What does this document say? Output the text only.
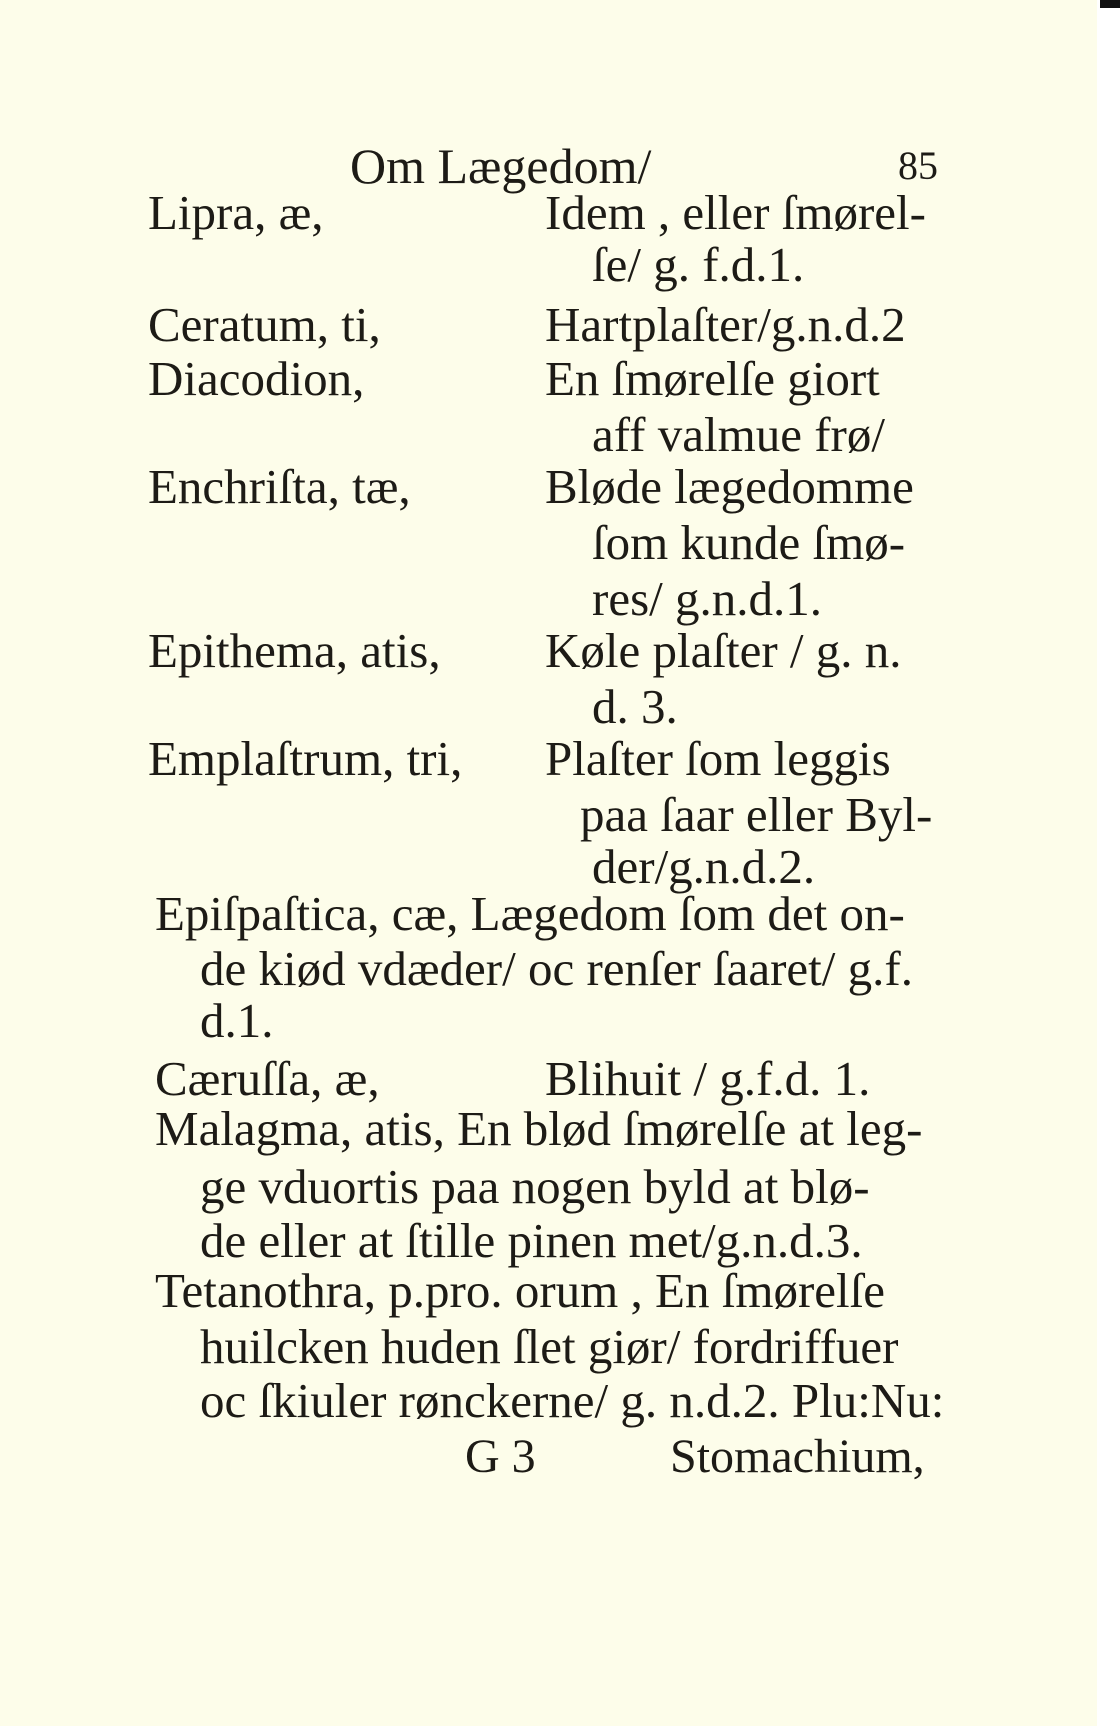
Om Lægedom/	85
Lipra, æ,	Idem , eller ſmørel-
ſe/ g. f.d.1.
Ceratum, ti,	Hartplaſter/g.n.d.2
Diacodion,	En ſmørelſe giort
aff valmue frø/
Enchriſta, tæ,	Bløde lægedomme
ſom kunde ſmø-
res/ g.n.d.1.
Epithema, atis, Køle plaſter / g. n.
d. 3.
Emplaſtrum, tri, Plaſter ſom leggis
paa ſaar eller Byl-
der/g.n.d.2.
Epiſpaſtica, cæ, Lægedom ſom det on-
de kiød vdæder/ oc renſer ſaaret/ g.f.
d.1.
Cæruſſa, æ,	Blihuit / g.f.d. 1.
Malagma, atis, En blød ſmørelſe at leg-
ge vduortis paa nogen byld at blø-
de eller at ſtille pinen met/g.n.d.3.
Tetanothra, p.pro. orum , En ſmørelſe
huilcken huden ſlet giør/ fordriffuer
oc ſkiuler rønckerne/ g. n.d.2. Plu:Nu:
G 3	Stomachium,
